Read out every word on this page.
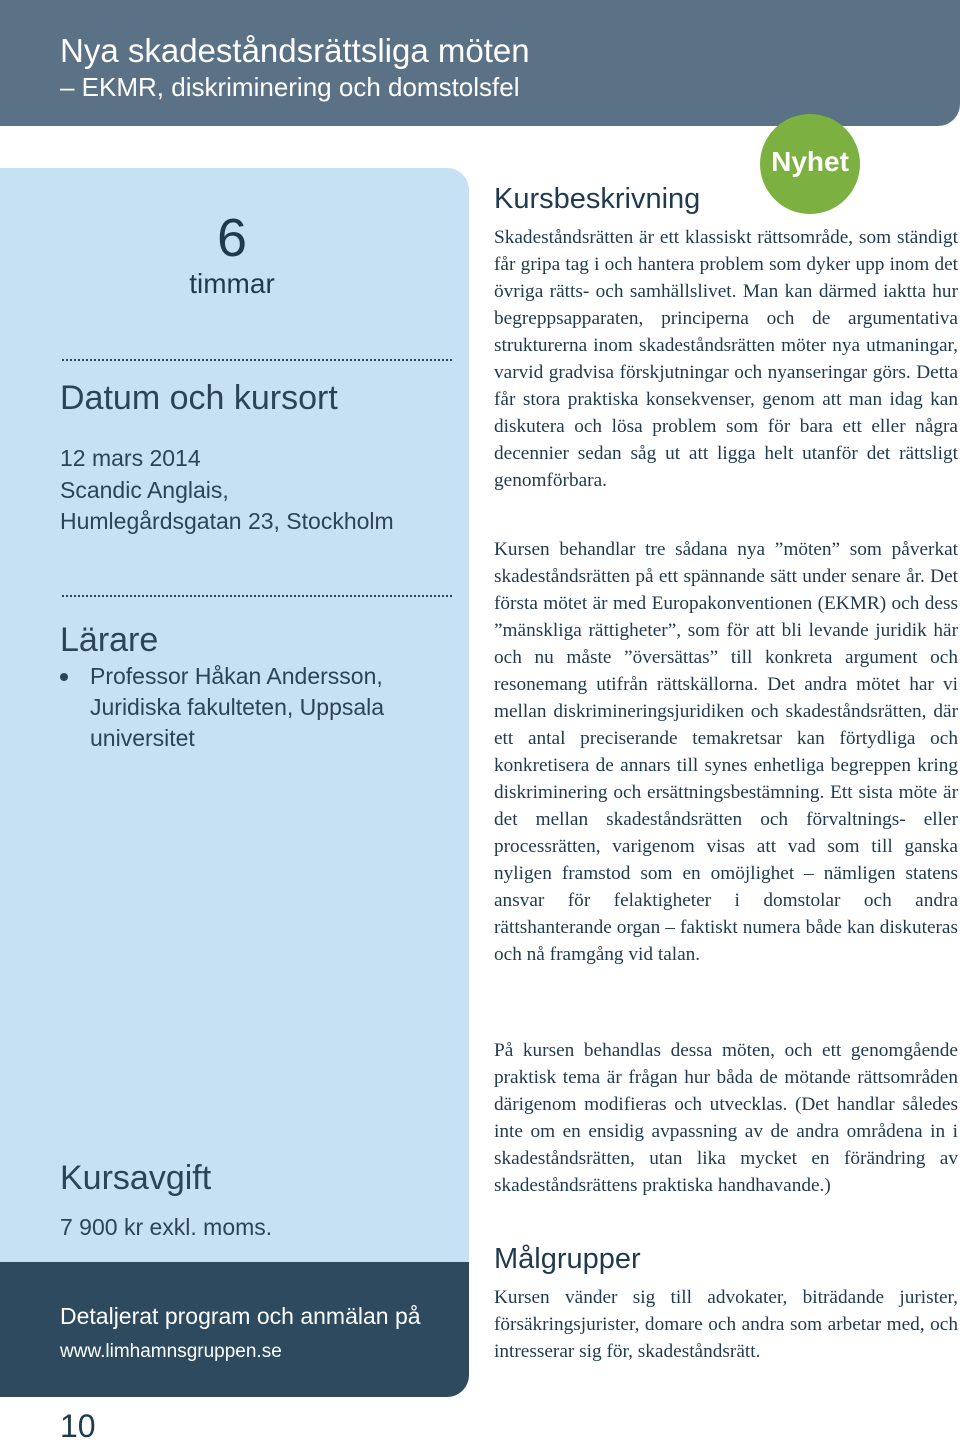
Nya skadeståndsrättsliga möten
– EKMR, diskriminering och domstolsfel
6
timmar
Datum och kursort
12 mars 2014
Scandic Anglais,
Humlegårdsgatan 23, Stockholm
Lärare
Professor Håkan Andersson, Juridiska fakulteten, Uppsala universitet
Kursavgift
7 900 kr exkl. moms.
Detaljerat program och anmälan på
www.limhamnsgruppen.se
10
Nyhet
Kursbeskrivning

Skadeståndsrätten är ett klassiskt rättsområde, som ständigt får gripa tag i och hantera problem som dyker upp inom det övriga rätts- och samhällslivet. Man kan därmed iaktta hur begreppsapparaten, principerna och de argumentativa strukturerna inom skadeståndsrätten möter nya utmaningar, varvid gradvisa förskjutningar och nyanseringar görs. Detta får stora praktiska konsekvenser, genom att man idag kan diskutera och lösa problem som för bara ett eller några decennier sedan såg ut att ligga helt utanför det rättsligt genomförbara.

Kursen behandlar tre sådana nya ”möten” som påverkat skadeståndsrätten på ett spännande sätt under senare år. Det första mötet är med Europakonventionen (EKMR) och dess ”mänskliga rättigheter”, som för att bli levande juridik här och nu måste ”översättas” till konkreta argument och resonemang utifrån rättskällorna. Det andra mötet har vi mellan diskrimineringsjuridiken och skadeståndsrätten, där ett antal preciserande temakretsar kan förtydliga och konkretisera de annars till synes enhetliga begreppen kring diskriminering och ersättningsbestämning. Ett sista möte är det mellan skadeståndsrätten och förvaltnings- eller processrätten, varigenom visas att vad som till ganska nyligen framstod som en omöjlighet – nämligen statens ansvar för felaktigheter i domstolar och andra rättshanterande organ – faktiskt numera både kan diskuteras och nå framgång vid talan.

På kursen behandlas dessa möten, och ett genomgående praktisk tema är frågan hur båda de mötande rättsområden därigenom modifieras och utvecklas. (Det handlar således inte om en ensidig avpassning av de andra områdena in i skadeståndsrätten, utan lika mycket en förändring av skadeståndsrättens praktiska handhavande.)

Målgrupper

Kursen vänder sig till advokater, biträdande jurister, försäkringsjurister, domare och andra som arbetar med, och intresserar sig för, skadeståndsrätt.
